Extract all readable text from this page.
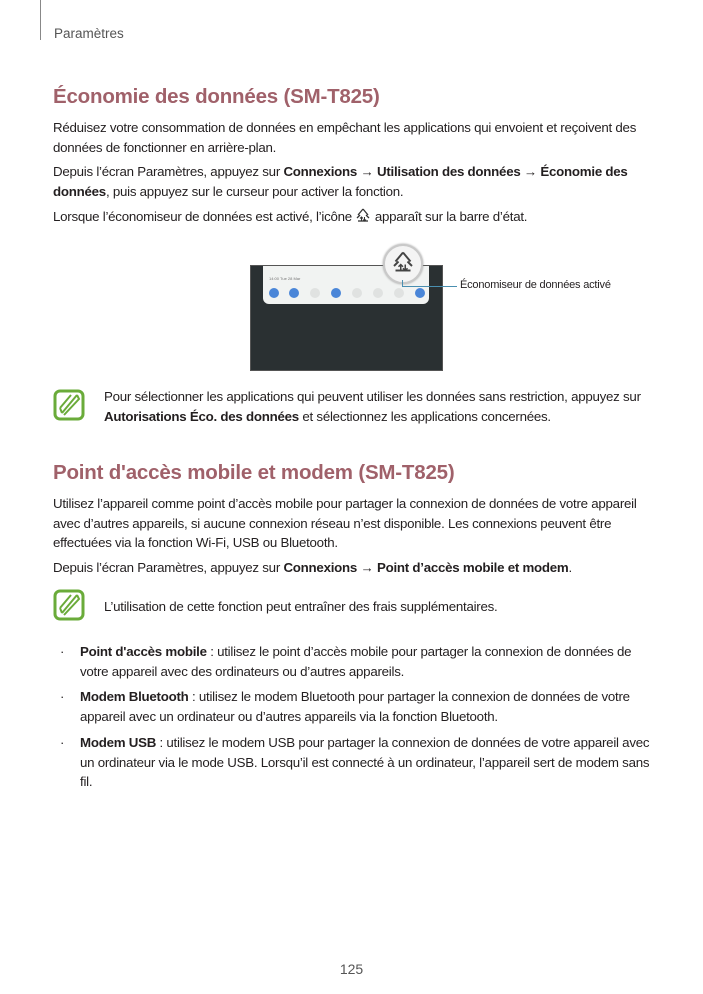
Paramètres
Économie des données (SM-T825)
Réduisez votre consommation de données en empêchant les applications qui envoient et reçoivent des données de fonctionner en arrière-plan.
Depuis l’écran Paramètres, appuyez sur Connexions → Utilisation des données → Économie des données, puis appuyez sur le curseur pour activer la fonction.
Lorsque l’économiseur de données est activé, l’icône  apparaît sur la barre d’état.
14:00 Tue 28 Mar
Économiseur de données activé
Pour sélectionner les applications qui peuvent utiliser les données sans restriction, appuyez sur Autorisations Éco. des données et sélectionnez les applications concernées.
Point d'accès mobile et modem (SM-T825)
Utilisez l’appareil comme point d’accès mobile pour partager la connexion de données de votre appareil avec d’autres appareils, si aucune connexion réseau n’est disponible. Les connexions peuvent être effectuées via la fonction Wi-Fi, USB ou Bluetooth.
Depuis l’écran Paramètres, appuyez sur Connexions → Point d’accès mobile et modem.
L’utilisation de cette fonction peut entraîner des frais supplémentaires.
· Point d'accès mobile : utilisez le point d’accès mobile pour partager la connexion de données de votre appareil avec des ordinateurs ou d’autres appareils.
· Modem Bluetooth : utilisez le modem Bluetooth pour partager la connexion de données de votre appareil avec un ordinateur ou d’autres appareils via la fonction Bluetooth.
· Modem USB : utilisez le modem USB pour partager la connexion de données de votre appareil avec un ordinateur via le mode USB. Lorsqu’il est connecté à un ordinateur, l’appareil sert de modem sans fil.
125
